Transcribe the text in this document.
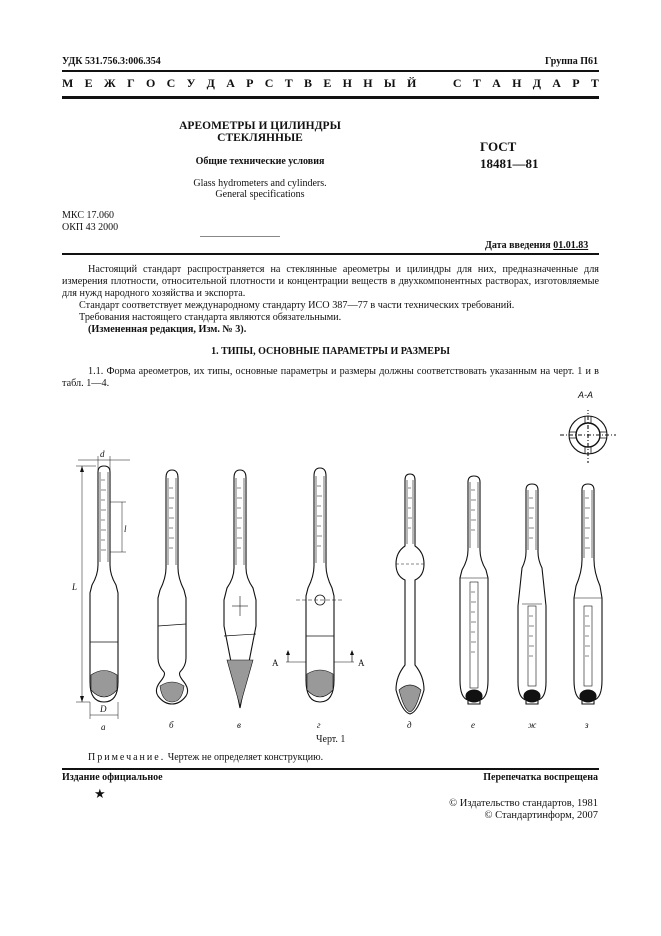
УДК 531.756.3:006.354	Группа П61
М Е Ж Г О С У Д А Р С Т В Е Н Н Ы Й	С Т А Н Д А Р Т
АРЕОМЕТРЫ И ЦИЛИНДРЫ
СТЕКЛЯННЫЕ
Общие технические условия
Glass hydrometers and cylinders.
General specifications
ГОСТ
18481—81
МКС 17.060
ОКП 43 2000
Дата введения 01.01.83
Настоящий стандарт распространяется на стеклянные ареометры и цилиндры для них, предназначенные для измерения плотности, относительной плотности и концентрации веществ в двухкомпонентных растворах, изготовляемые для нужд народного хозяйства и экспорта.
Стандарт соответствует международному стандарту ИСО 387—77 в части технических требований.
Требования настоящего стандарта являются обязательными.
(Измененная редакция, Изм. № 3).
1. ТИПЫ, ОСНОВНЫЕ ПАРАМЕТРЫ И РАЗМЕРЫ
1.1. Форма ареометров, их типы, основные параметры и размеры должны соответствовать указанным на черт. 1 и в табл. 1—4.
А-А
d
l
L
D
А	А
а	б	в	г	д	е	ж	з
Черт. 1
Примечание. Чертеж не определяет конструкцию.
Издание официальное	Перепечатка воспрещена
★
© Издательство стандартов, 1981
© Стандартинформ, 2007
